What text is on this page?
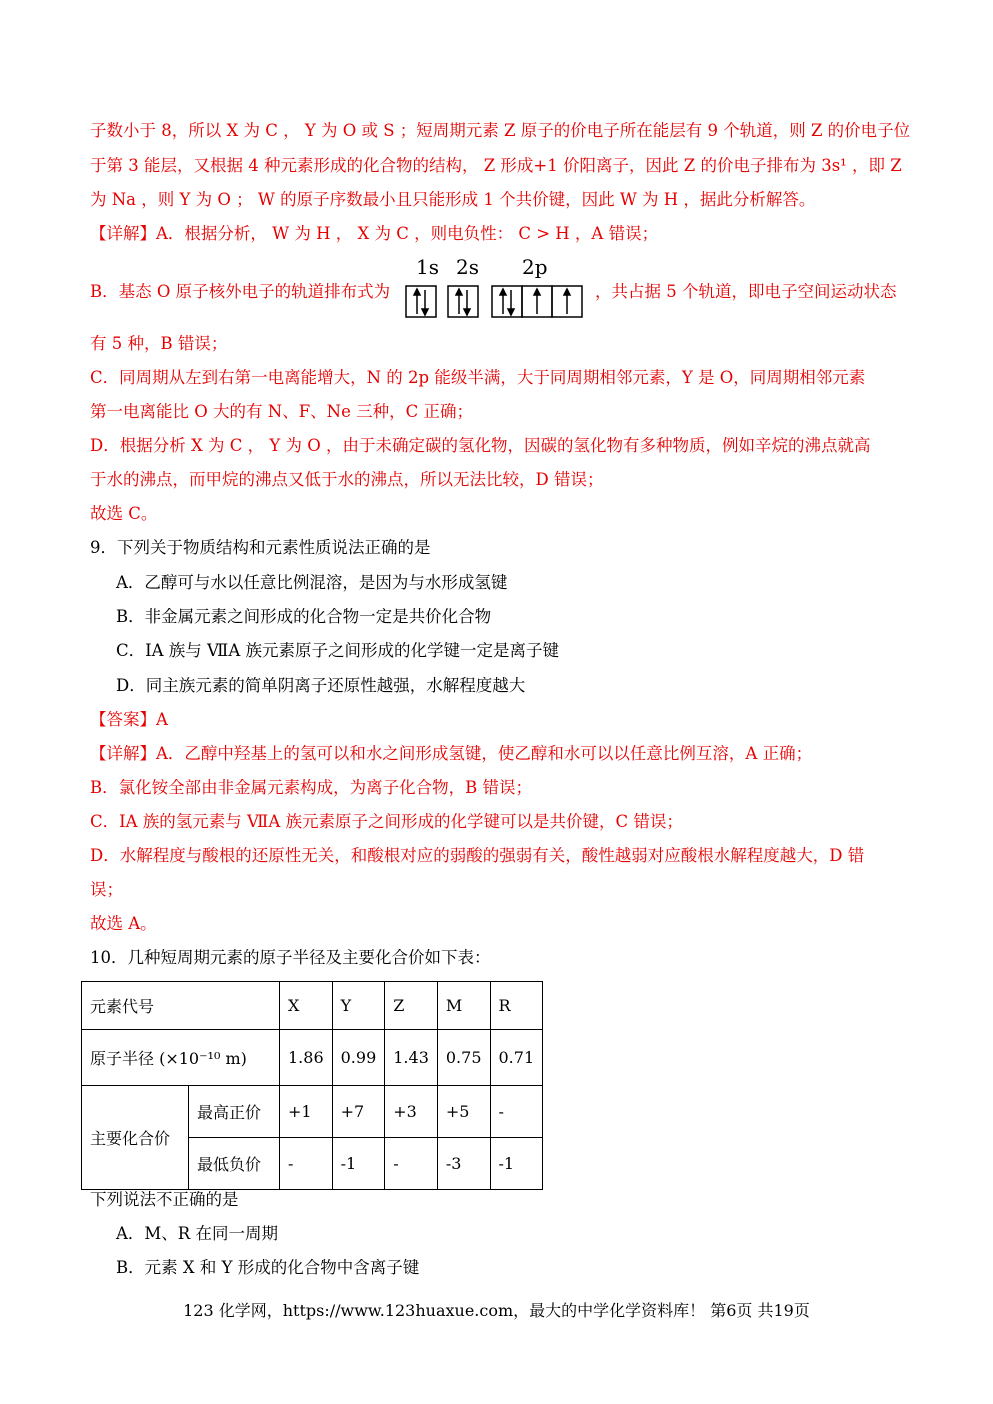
子数小于 8，所以 X 为 C ， Y 为 O 或 S ；短周期元素 Z 原子的价电子所在能层有 9 个轨道，则 Z 的价电子位
于第 3 能层，又根据 4 种元素形成的化合物的结构， Z 形成+1 价阳离子，因此 Z 的价电子排布为 3s¹ ，即 Z
为 Na ，则 Y 为 O ； W 的原子序数最小且只能形成 1 个共价键，因此 W 为 H ，据此分析解答。
【详解】A．根据分析， W 为 H ， X 为 C ，则电负性： C > H ，A 错误；
B．基态 O 原子核外电子的轨道排布式为
1s 2s 2p
，共占据 5 个轨道，即电子空间运动状态
有 5 种，B 错误；
C．同周期从左到右第一电离能增大，N 的 2p 能级半满，大于同周期相邻元素，Y 是 O，同周期相邻元素
第一电离能比 O 大的有 N、F、Ne 三种，C 正确；
D．根据分析 X 为 C ， Y 为 O ，由于未确定碳的氢化物，因碳的氢化物有多种物质，例如辛烷的沸点就高
于水的沸点，而甲烷的沸点又低于水的沸点，所以无法比较，D 错误；
故选 C。
9．下列关于物质结构和元素性质说法正确的是
A．乙醇可与水以任意比例混溶，是因为与水形成氢键
B．非金属元素之间形成的化合物一定是共价化合物
C．ⅠA 族与 ⅦA 族元素原子之间形成的化学键一定是离子键
D．同主族元素的简单阴离子还原性越强，水解程度越大
【答案】A
【详解】A．乙醇中羟基上的氢可以和水之间形成氢键，使乙醇和水可以以任意比例互溶，A 正确；
B．氯化铵全部由非金属元素构成，为离子化合物，B 错误；
C．ⅠA 族的氢元素与 ⅦA 族元素原子之间形成的化学键可以是共价键，C 错误；
D．水解程度与酸根的还原性无关，和酸根对应的弱酸的强弱有关，酸性越弱对应酸根水解程度越大，D 错
误；
故选 A。
10．几种短周期元素的原子半径及主要化合价如下表：
元素代号		X	Y	Z	M	R
原子半径 (×10⁻¹⁰ m)		1.86	0.99	1.43	0.75	0.71
主要化合价	最高正价	+1	+7	+3	+5	-
	最低负价	-	-1	-	-3	-1
下列说法不正确的是
A．M、R 在同一周期
B．元素 X 和 Y 形成的化合物中含离子键
123 化学网，https://www.123huaxue.com，最大的中学化学资料库！ 第6页 共19页
